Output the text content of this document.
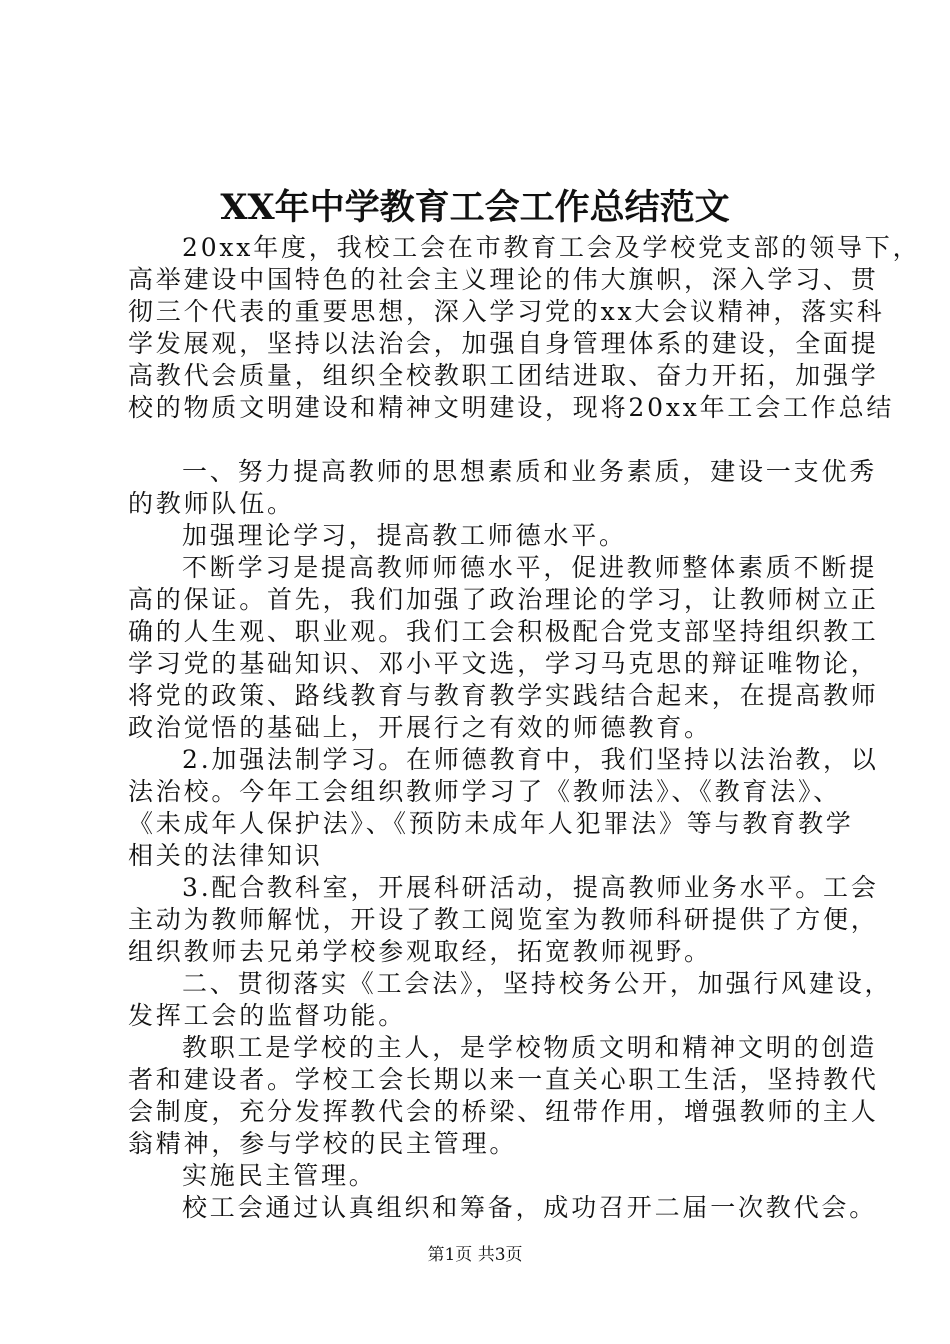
XX年中学教育工会工作总结范文
20xx年度，我校工会在市教育工会及学校党支部的领导下，
高举建设中国特色的社会主义理论的伟大旗帜，深入学习、贯
彻三个代表的重要思想，深入学习党的xx大会议精神，落实科
学发展观，坚持以法治会，加强自身管理体系的建设，全面提
高教代会质量，组织全校教职工团结进取、奋力开拓，加强学
校的物质文明建设和精神文明建设，现将20xx年工会工作总结
一、努力提高教师的思想素质和业务素质，建设一支优秀
的教师队伍。
加强理论学习，提高教工师德水平。
不断学习是提高教师师德水平，促进教师整体素质不断提
高的保证。首先，我们加强了政治理论的学习，让教师树立正
确的人生观、职业观。我们工会积极配合党支部坚持组织教工
学习党的基础知识、邓小平文选，学习马克思的辩证唯物论，
将党的政策、路线教育与教育教学实践结合起来，在提高教师
政治觉悟的基础上，开展行之有效的师德教育。
2.加强法制学习。在师德教育中，我们坚持以法治教，以
法治校。今年工会组织教师学习了《教师法》、《教育法》、
《未成年人保护法》、《预防未成年人犯罪法》等与教育教学
相关的法律知识
3.配合教科室，开展科研活动，提高教师业务水平。工会
主动为教师解忧，开设了教工阅览室为教师科研提供了方便，
组织教师去兄弟学校参观取经，拓宽教师视野。
二、贯彻落实《工会法》，坚持校务公开，加强行风建设，
发挥工会的监督功能。
教职工是学校的主人，是学校物质文明和精神文明的创造
者和建设者。学校工会长期以来一直关心职工生活，坚持教代
会制度，充分发挥教代会的桥梁、纽带作用，增强教师的主人
翁精神，参与学校的民主管理。
实施民主管理。
校工会通过认真组织和筹备，成功召开二届一次教代会。
第1页 共3页
